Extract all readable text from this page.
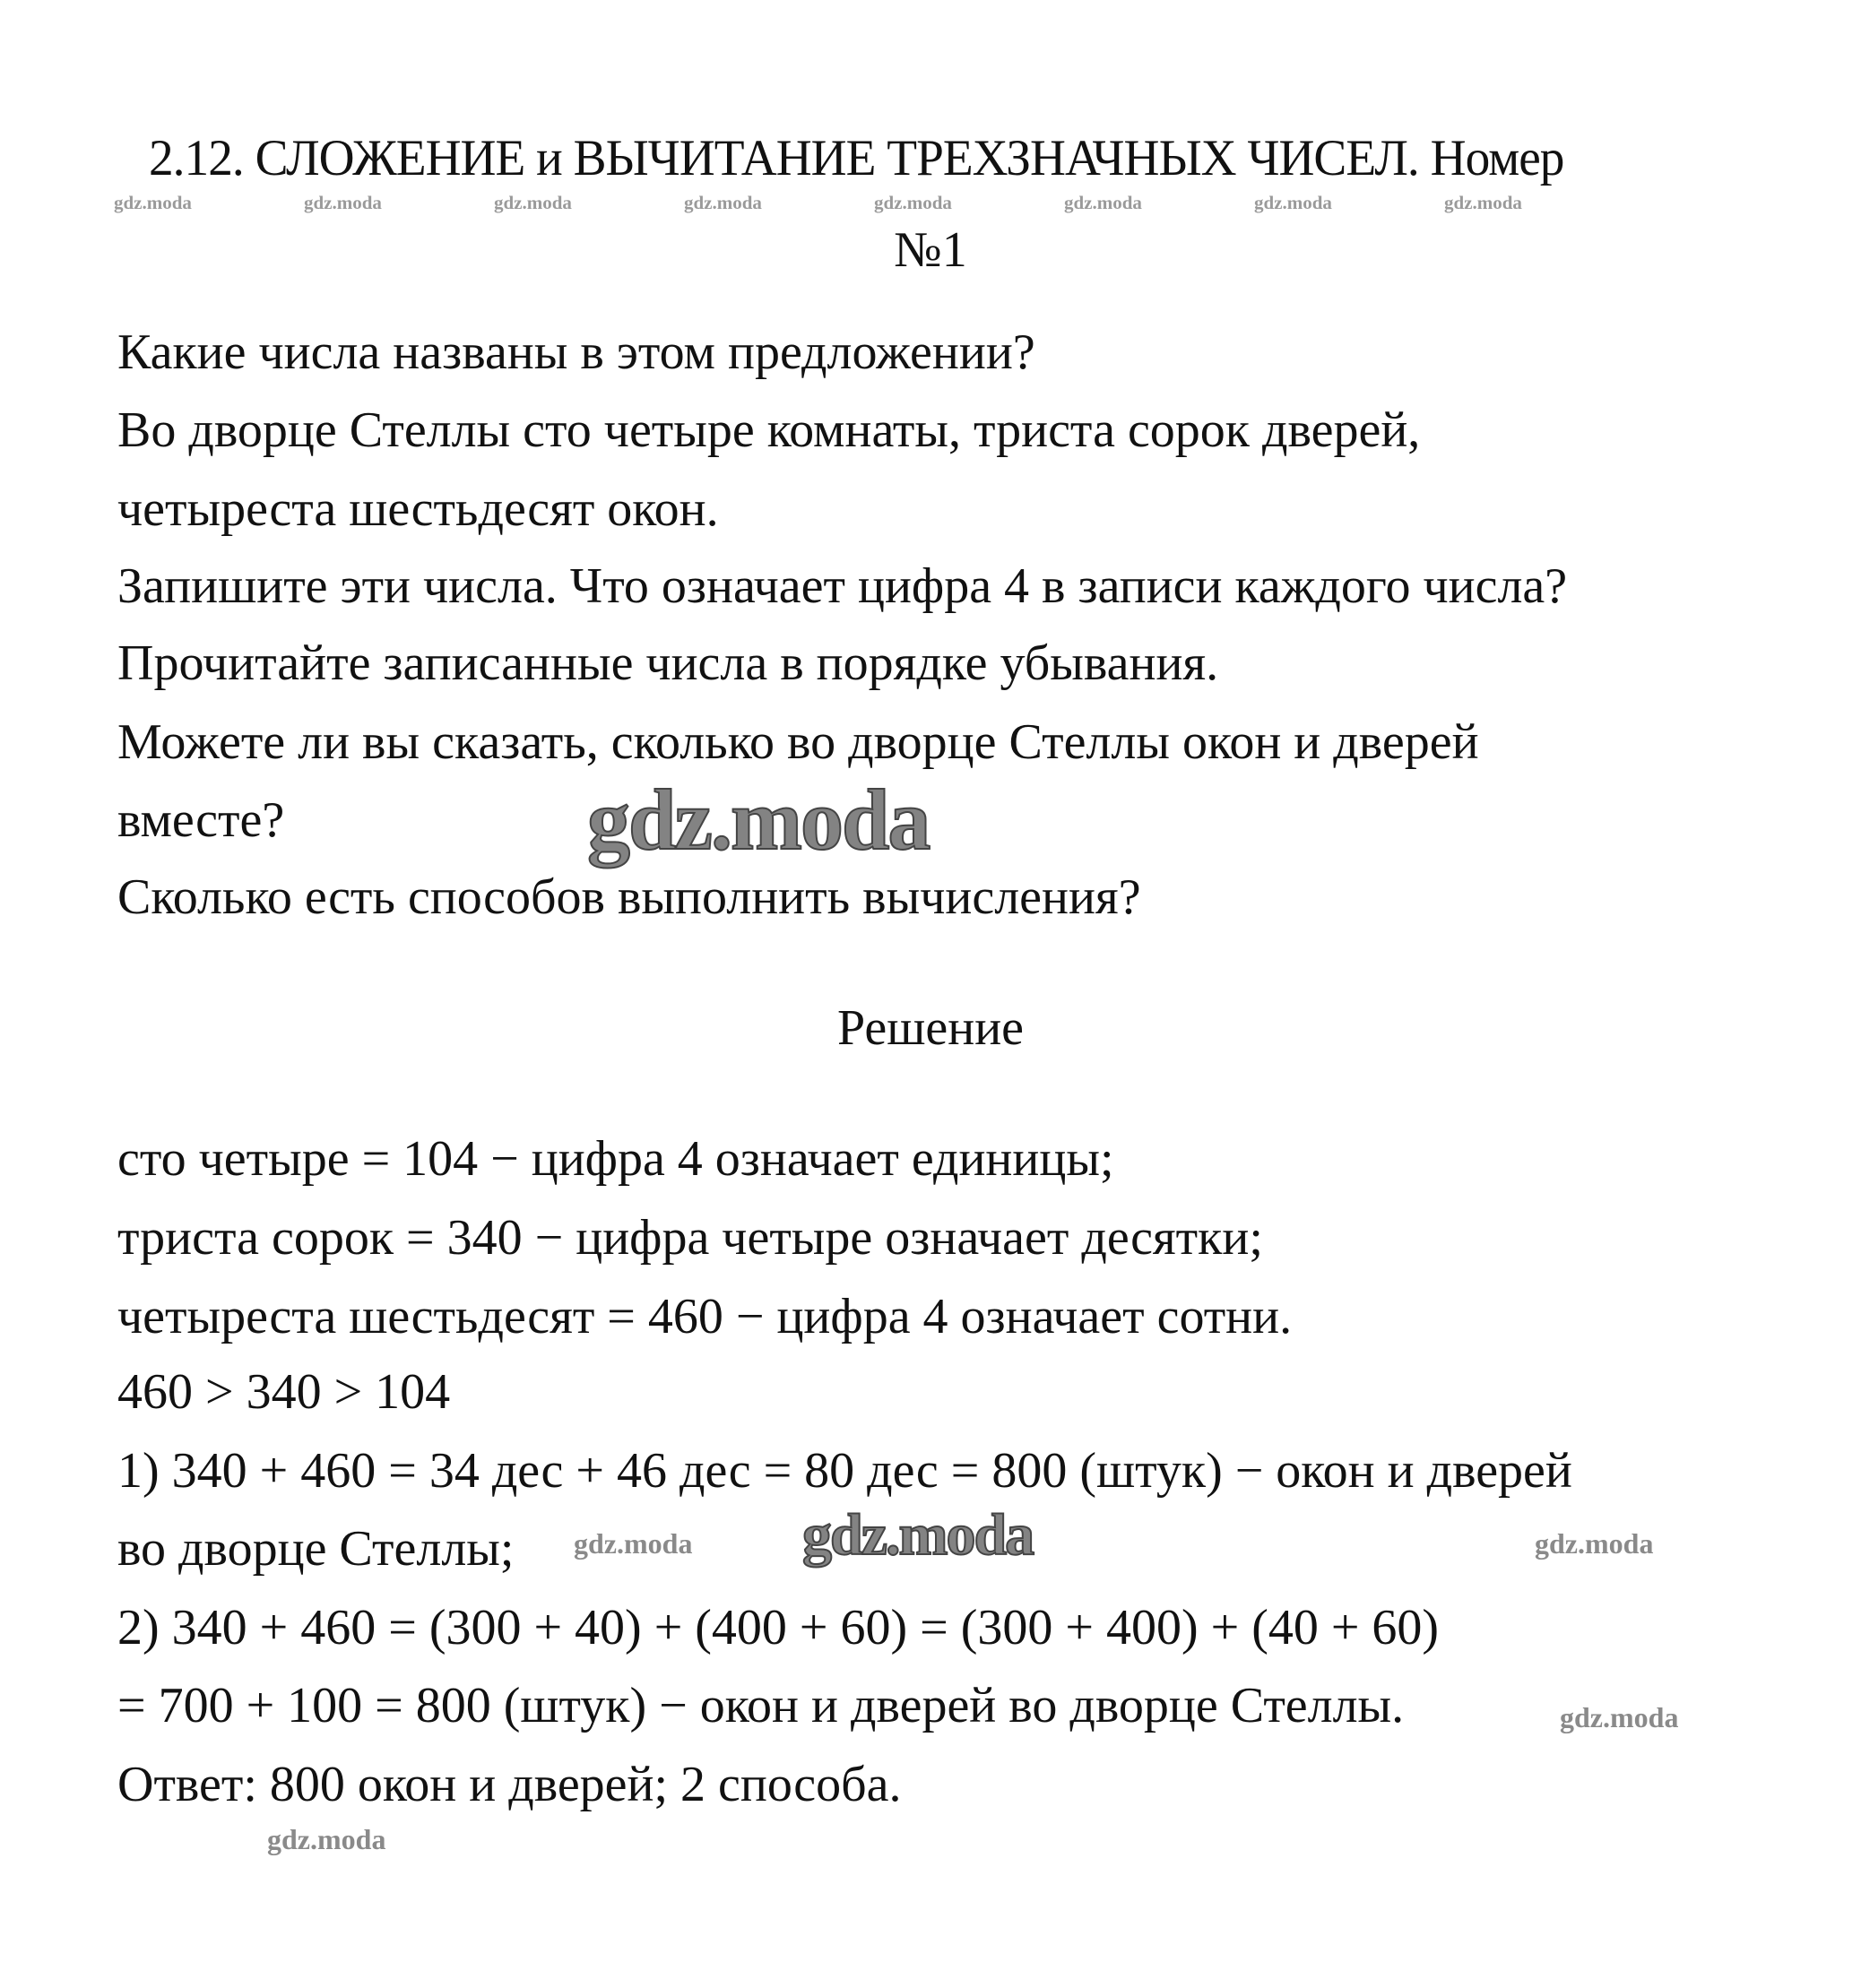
2.12. СЛОЖЕНИЕ и ВЫЧИТАНИЕ ТРЕХЗНАЧНЫХ ЧИСЕЛ. Номер
№1
gdz.moda	gdz.moda	gdz.moda	gdz.moda	gdz.moda	gdz.moda	gdz.moda	gdz.moda
Какие числа названы в этом предложении?
Во дворце Стеллы сто четыре комнаты, триста сорок дверей,
четыреста шестьдесят окон.
Запишите эти числа. Что означает цифра 4 в записи каждого числа?
Прочитайте записанные числа в порядке убывания.
Можете ли вы сказать, сколько во дворце Стеллы окон и дверей
вместе?
Сколько есть способов выполнить вычисления?
gdz.moda
Решение
сто четыре = 104 − цифра 4 означает единицы;
триста сорок = 340 − цифра четыре означает десятки;
четыреста шестьдесят = 460 − цифра 4 означает сотни.
460 > 340 > 104
1) 340 + 460 = 34 дес + 46 дес = 80 дес = 800 (штук) − окон и дверей
во дворце Стеллы;
2) 340 + 460 = (300 + 40) + (400 + 60) = (300 + 400) + (40 + 60)
= 700 + 100 = 800 (штук) − окон и дверей во дворце Стеллы.
Ответ: 800 окон и дверей; 2 способа.
gdz.moda
gdz.moda	gdz.moda
gdz.moda
gdz.moda
